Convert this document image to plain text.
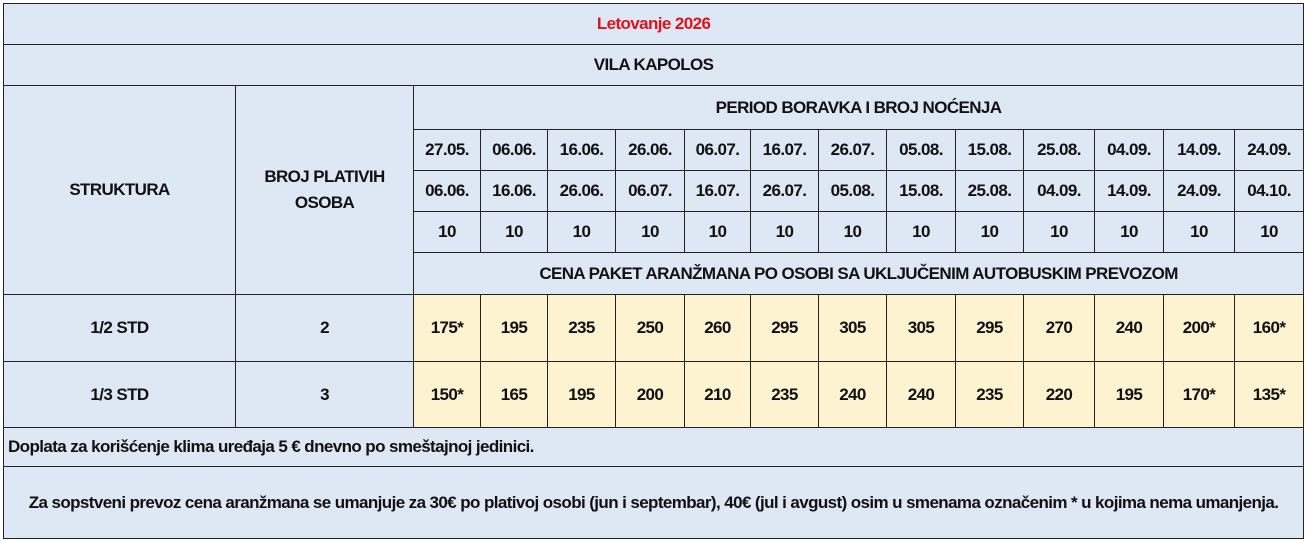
Letovanje 2026														
VILA KAPOLOS														
STRUKTURA	BROJ PLATIVIH OSOBA	PERIOD BORAVKA I BROJ NOĆENJA												
		27.05.	06.06.	16.06.	26.06.	06.07.	16.07.	26.07.	05.08.	15.08.	25.08.	04.09.	14.09.	24.09.
		06.06.	16.06.	26.06.	06.07.	16.07.	26.07.	05.08.	15.08.	25.08.	04.09.	14.09.	24.09.	04.10.
		10	10	10	10	10	10	10	10	10	10	10	10	10
		CENA PAKET ARANŽMANA PO OSOBI SA UKLJUČENIM AUTOBUSKIM PREVOZOM												
1/2 STD	2	175*	195	235	250	260	295	305	305	295	270	240	200*	160*
1/3 STD	3	150*	165	195	200	210	235	240	240	235	220	195	170*	135*
Doplata za korišćenje klima uređaja 5 € dnevno po smeštajnoj jedinici.														
Za sopstveni prevoz cena aranžmana se umanjuje za 30€ po plativoj osobi (jun i septembar), 40€ (jul i avgust) osim u smenama označenim * u kojima nema umanjenja.														
